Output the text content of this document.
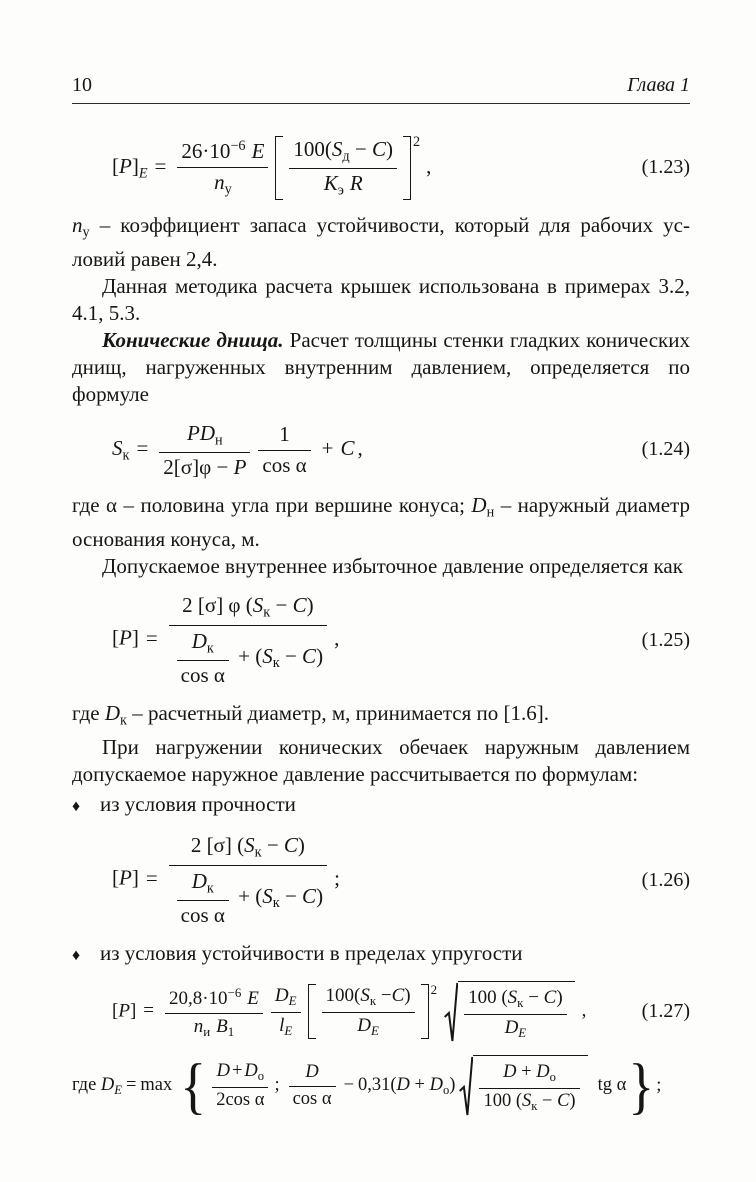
10	Глава 1
$[P]_E = \frac{26\cdot 10^{-6} E}{n_у} \frac{100(S_д - C)}{K_э R} 2$
,	(1.23)

$n_у$ – коэффициент запаса устойчивости, который для рабочих условий равен 2,4.

Данная методика расчета крышек использована в примерах 3.2, 4.1, 5.3.

Конические днища. Расчет толщины стенки гладких конических днищ, нагруженных внутренним давлением, определяется по формуле

$S_к = \frac{PD_н}{2[\sigma]\varphi - P} \frac{1}{\text{cos α}} + C$ ,	(1.24)

где α – половина угла при вершине конуса; $D_н$ – наружный диаметр основания конуса, м.

Допускаемое внутреннее избыточное давление определяется как

$[P] = \frac{2 [\sigma] \varphi (S_к - C)}{\frac{D_к}{\text{cos α}} + (S_к - C)}$ ,	(1.25)

где $D_к$ – расчетный диаметр, м, принимается по [1.6].

При нагружении конических обечаек наружным давлением допускаемое наружное давление рассчитывается по формулам:

♦ из условия прочности
$[P] = \frac{2 [\sigma] (S_к - C)}{\frac{D_к}{\text{cos α}} + (S_к - C)}$ ;	(1.26)
♦ из условия устойчивости в пределах упругости
$[P] = \frac{20,8\cdot 10^{-6} E}{n_и B_1} \frac{D_E}{l_E} \frac{100(S_к -C)}{D_E} 2 \frac{100 (S_к - C)}{D_E}$ ,	(1.27)
где $D_E = \max$ { $\frac{D + D_о}{\text{2cos α}}$ ; $\frac{D}{\text{cos α}} - 0,31(D + D_о) \frac{D + D_о}{100 (S_к - C)}$ tg α} ;
